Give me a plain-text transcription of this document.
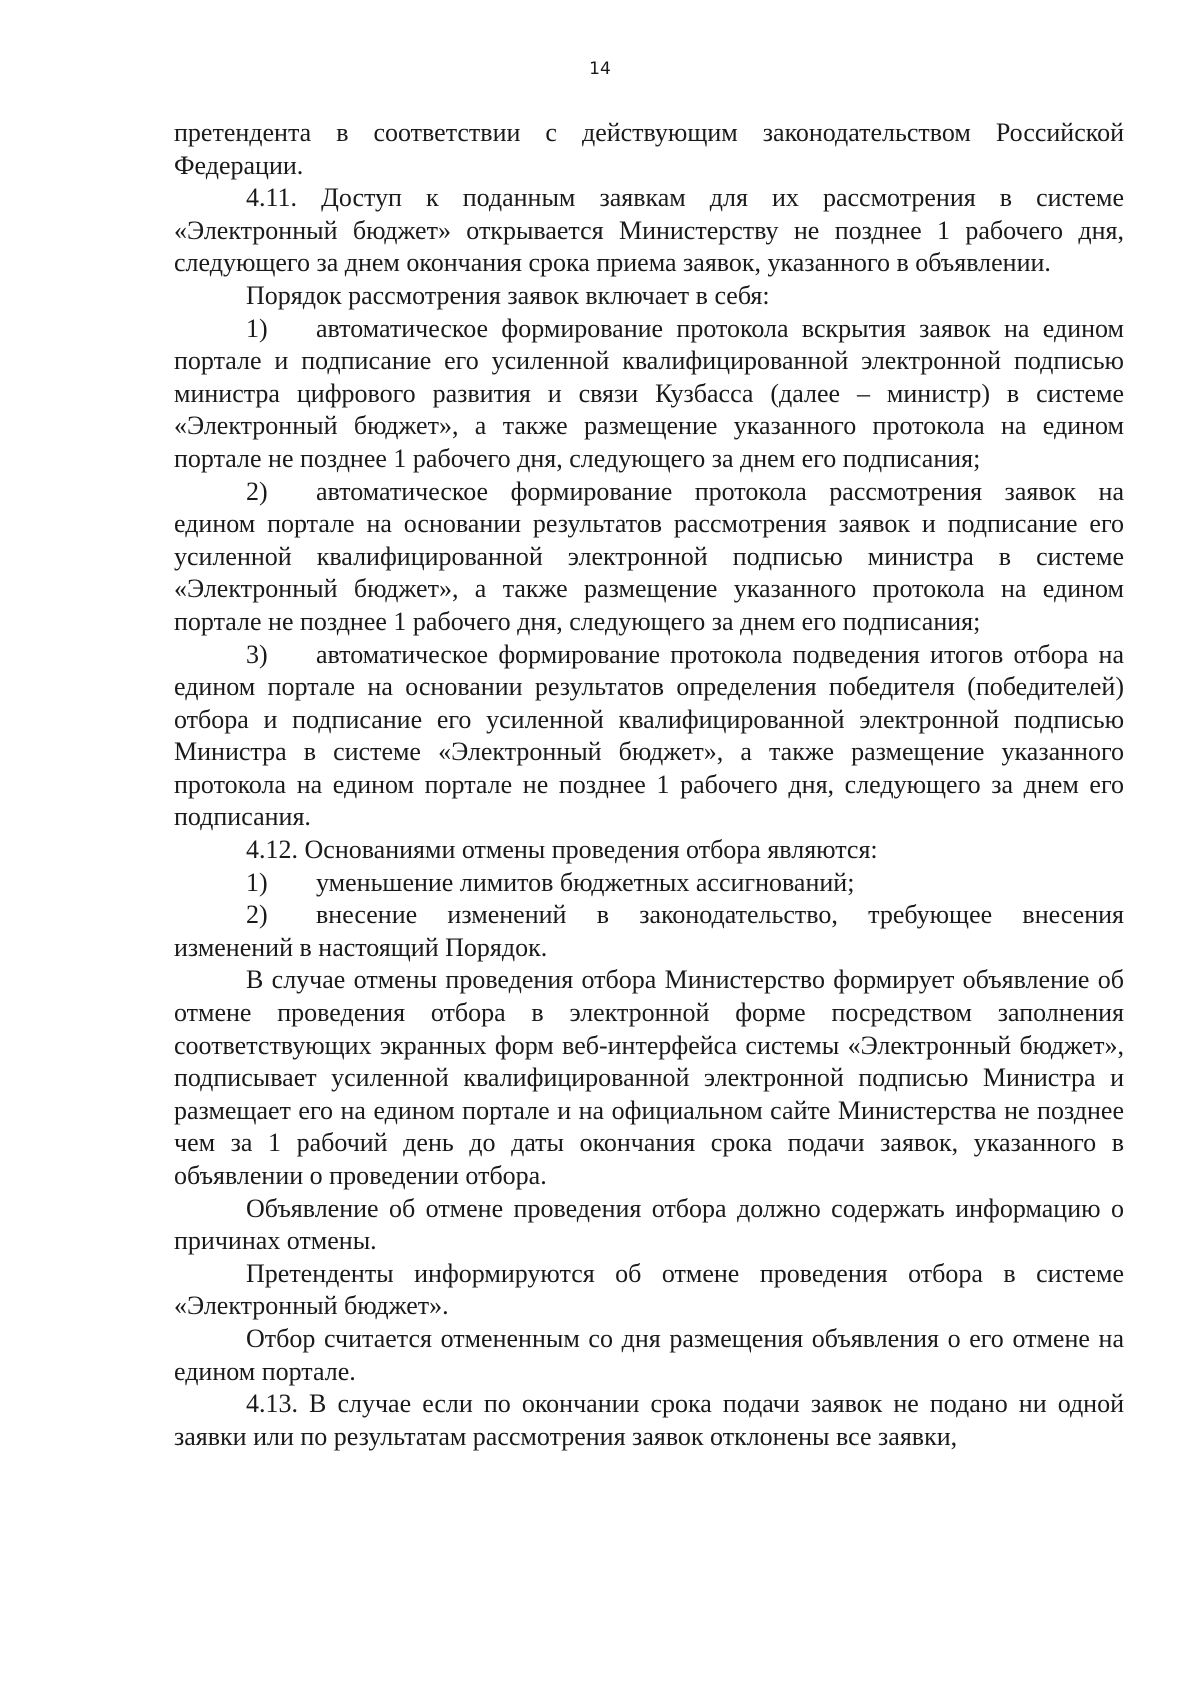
14

претендента в соответствии с действующим законодательством Российской Федерации.

4.11. Доступ к поданным заявкам для их рассмотрения в системе «Электронный бюджет» открывается Министерству не позднее 1 рабочего дня, следующего за днем окончания срока приема заявок, указанного в объявлении.

Порядок рассмотрения заявок включает в себя:

1) автоматическое формирование протокола вскрытия заявок на едином портале и подписание его усиленной квалифицированной электронной подписью министра цифрового развития и связи Кузбасса (далее – министр) в системе «Электронный бюджет», а также размещение указанного протокола на едином портале не позднее 1 рабочего дня, следующего за днем его подписания;

2) автоматическое формирование протокола рассмотрения заявок на едином портале на основании результатов рассмотрения заявок и подписание его усиленной квалифицированной электронной подписью министра в системе «Электронный бюджет», а также размещение указанного протокола на едином портале не позднее 1 рабочего дня, следующего за днем его подписания;

3) автоматическое формирование протокола подведения итогов отбора на едином портале на основании результатов определения победителя (победителей) отбора и подписание его усиленной квалифицированной электронной подписью Министра в системе «Электронный бюджет», а также размещение указанного протокола на едином портале не позднее 1 рабочего дня, следующего за днем его подписания.

4.12. Основаниями отмены проведения отбора являются:

1) уменьшение лимитов бюджетных ассигнований;

2) внесение изменений в законодательство, требующее внесения изменений в настоящий Порядок.

В случае отмены проведения отбора Министерство формирует объявление об отмене проведения отбора в электронной форме посредством заполнения соответствующих экранных форм веб-интерфейса системы «Электронный бюджет», подписывает усиленной квалифицированной электронной подписью Министра и размещает его на едином портале и на официальном сайте Министерства не позднее чем за 1 рабочий день до даты окончания срока подачи заявок, указанного в объявлении о проведении отбора.

Объявление об отмене проведения отбора должно содержать информацию о причинах отмены.

Претенденты информируются об отмене проведения отбора в системе «Электронный бюджет».

Отбор считается отмененным со дня размещения объявления о его отмене на едином портале.

4.13. В случае если по окончании срока подачи заявок не подано ни одной заявки или по результатам рассмотрения заявок отклонены все заявки,
